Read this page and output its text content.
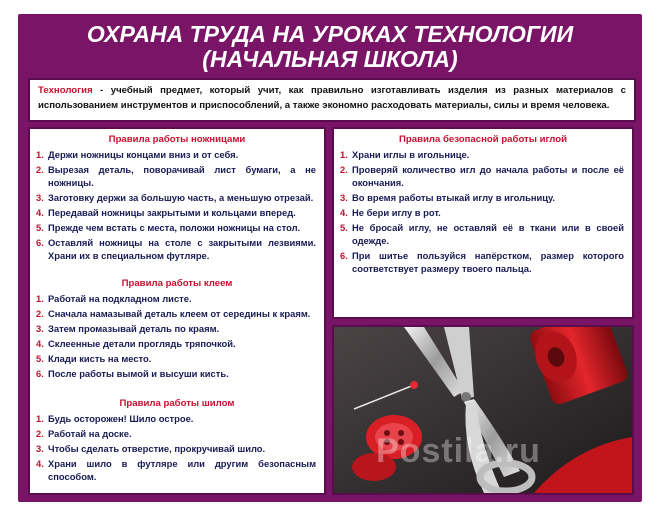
ОХРАНА ТРУДА НА УРОКАХ ТЕХНОЛОГИИ
(НАЧАЛЬНАЯ ШКОЛА)
Технология - учебный предмет, который учит, как правильно изготавливать изделия из разных материалов с использованием инструментов и приспособлений, а также экономно расходовать материалы, силы и время человека.
Правила работы ножницами
1. Держи ножницы концами вниз и от себя.
2. Вырезая деталь, поворачивай лист бумаги, а не ножницы.
3. Заготовку держи за большую часть, а меньшую отрезай.
4. Передавай ножницы закрытыми и кольцами вперед.
5. Прежде чем встать с места, положи ножницы на стол.
6. Оставляй ножницы на столе с закрытыми лезвиями. Храни их в специальном футляре.
Правила работы клеем
1. Работай на подкладном листе.
2. Сначала намазывай деталь клеем от середины к краям.
3. Затем промазывай деталь по краям.
4. Склеенные детали проглядь тряпочкой.
5. Клади кисть на место.
6. После работы вымой и высуши кисть.
Правила работы шилом
1. Будь осторожен! Шило острое.
2. Работай на доске.
3. Чтобы сделать отверстие, прокручивай шило.
4. Храни шило в футляре или другим безопасным способом.
Правила безопасной работы иглой
1. Храни иглы в игольнице.
2. Проверяй количество игл до начала работы и после её окончания.
3. Во время работы втыкай иглу в игольницу.
4. Не бери иглу в рот.
5. Не бросай иглу, не оставляй её в ткани или в своей одежде.
6. При шитье пользуйся напёрстком, размер которого соответствует размеру твоего пальца.
Postila.ru
